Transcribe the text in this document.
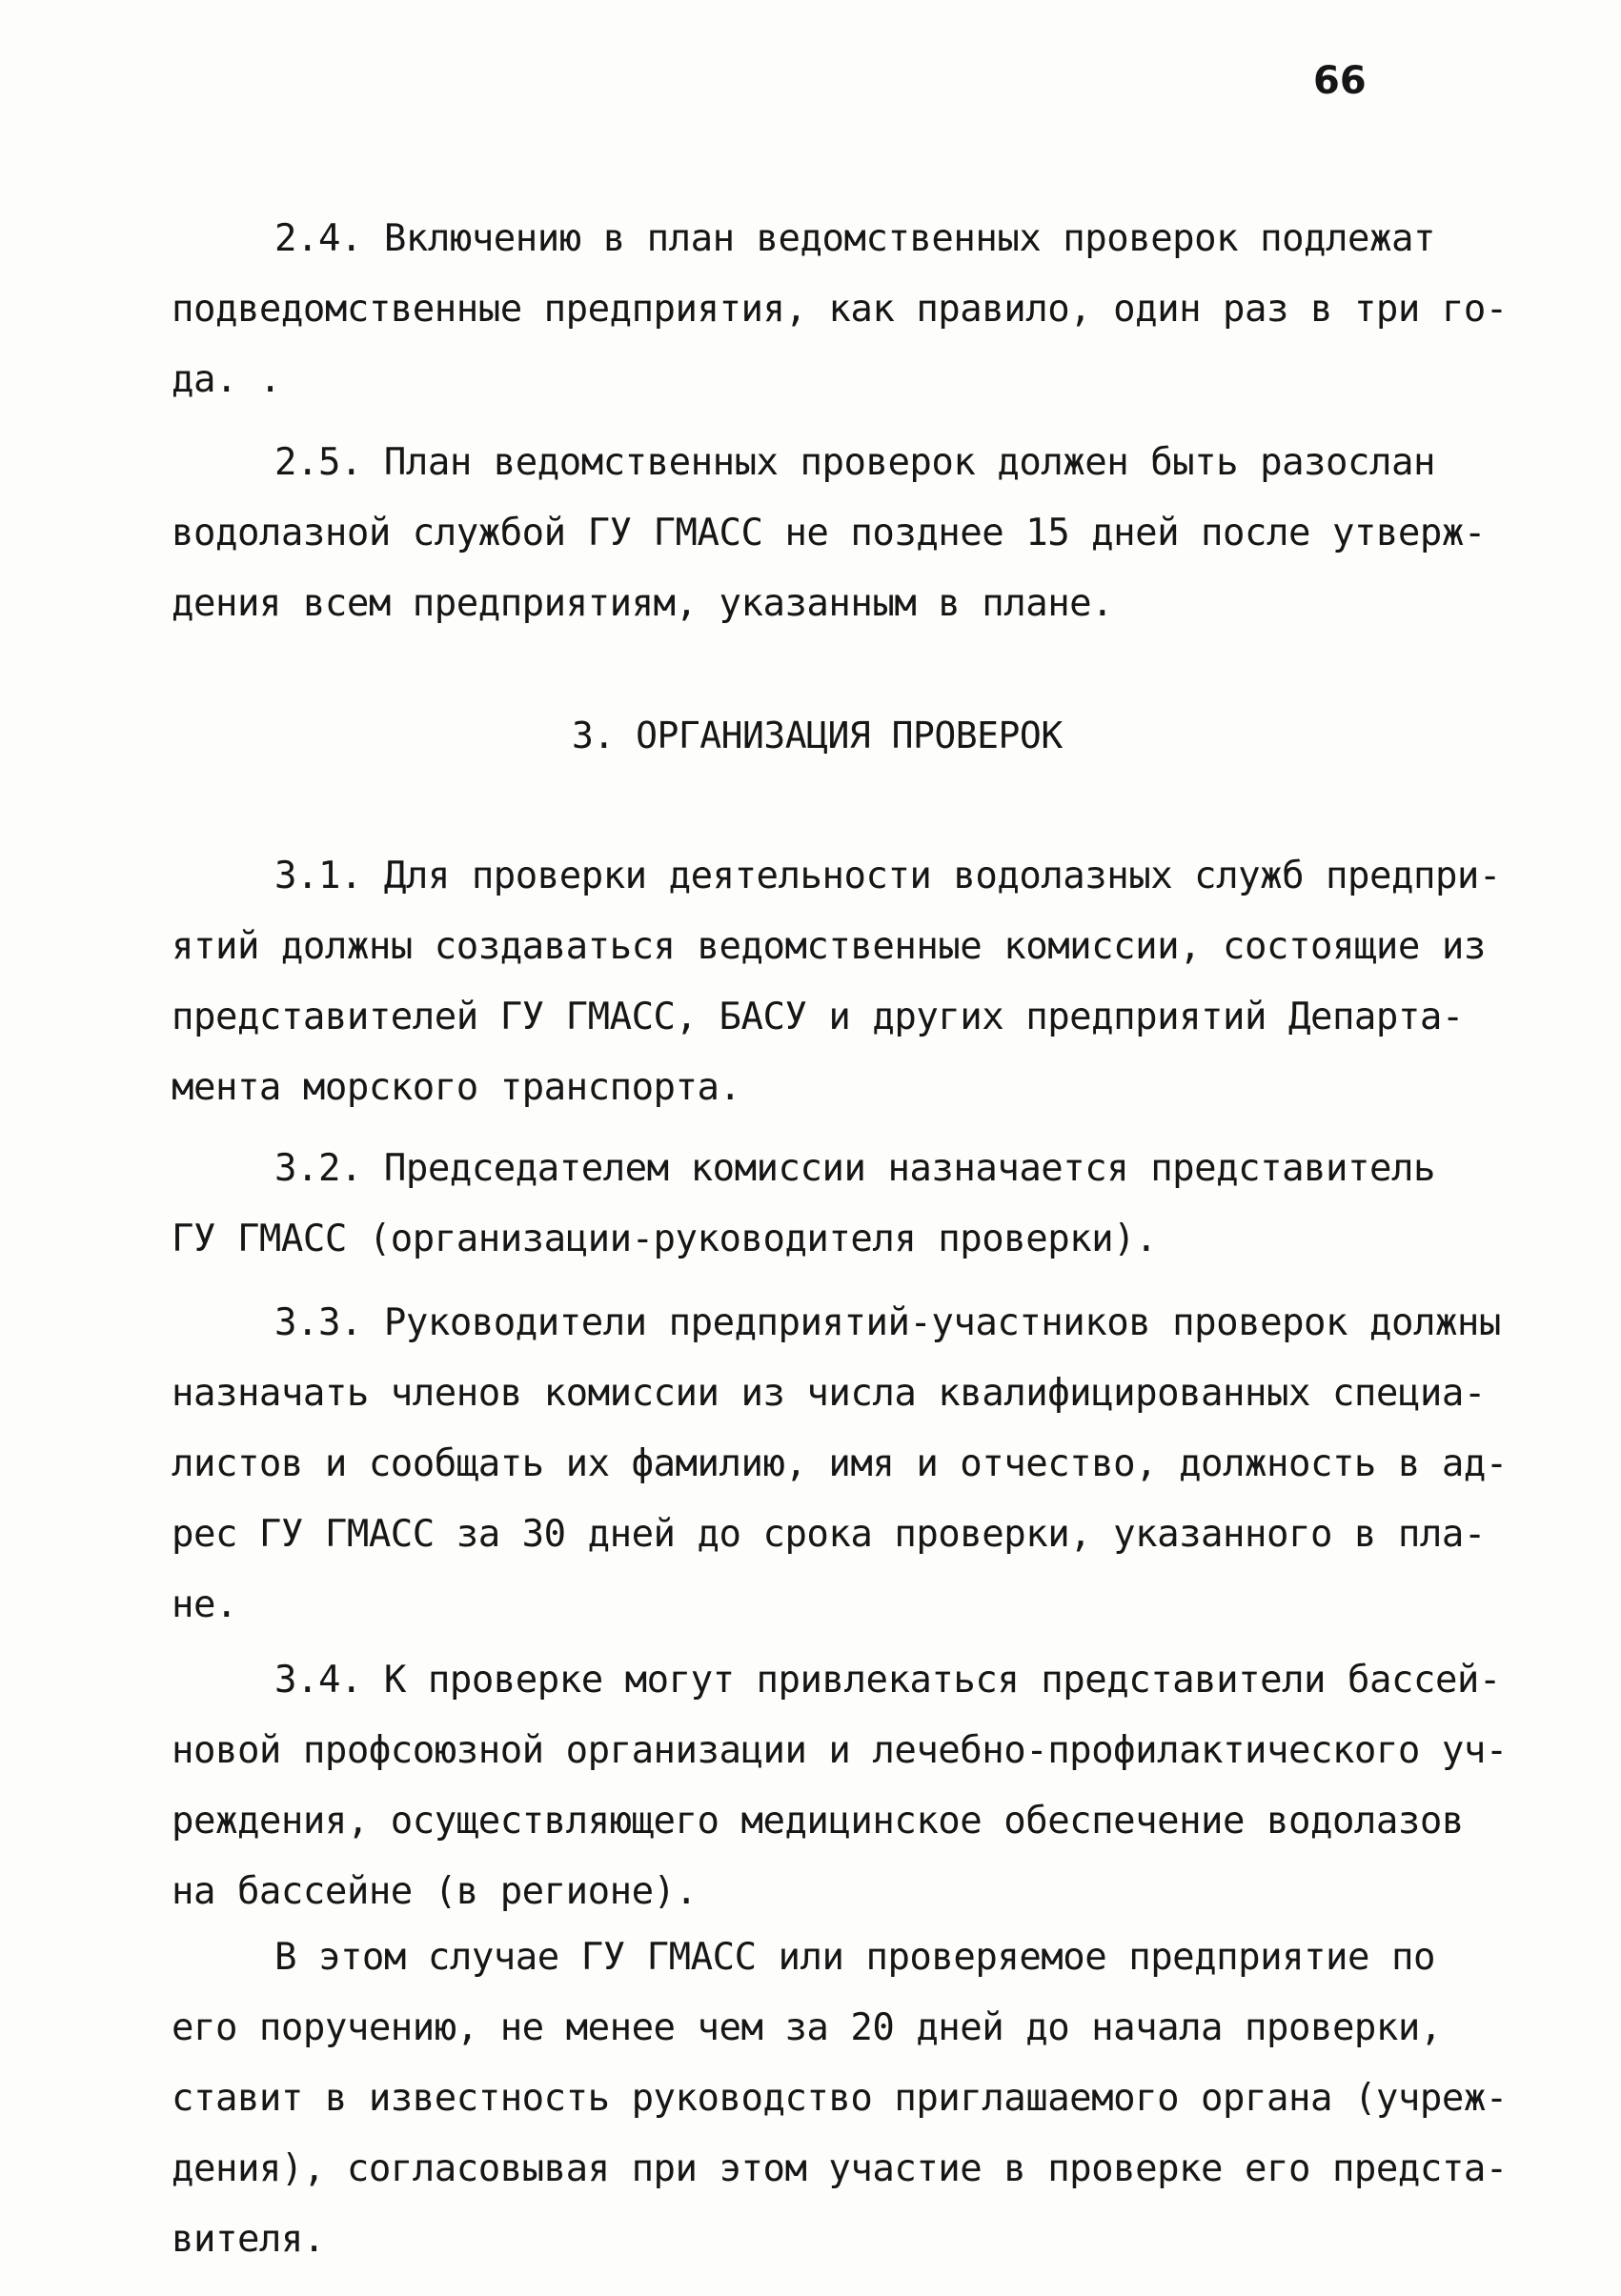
66
2.4. Включению в план ведомственных проверок подлежат
подведомственные предприятия, как правило, один раз в три го-
да. .
2.5. План ведомственных проверок должен быть разослан
водолазной службой ГУ ГМАСС не позднее 15 дней после утверж-
дения всем предприятиям, указанным в плане.
3. ОРГАНИЗАЦИЯ ПРОВЕРОК
3.1. Для проверки деятельности водолазных служб предпри-
ятий должны создаваться ведомственные комиссии, состоящие из
представителей ГУ ГМАСС, БАСУ и других предприятий Департа-
мента морского транспорта.
3.2. Председателем комиссии назначается представитель
ГУ ГМАСС (организации-руководителя проверки).
3.3. Руководители предприятий-участников проверок должны
назначать членов комиссии из числа квалифицированных специа-
листов и сообщать их фамилию, имя и отчество, должность в ад-
рес ГУ ГМАСС за 30 дней до срока проверки, указанного в пла-
не.
3.4. К проверке могут привлекаться представители бассей-
новой профсоюзной организации и лечебно-профилактического уч-
реждения, осуществляющего медицинское обеспечение водолазов
на бассейне (в регионе).
В этом случае ГУ ГМАСС или проверяемое предприятие по
его поручению, не менее чем за 20 дней до начала проверки,
ставит в известность руководство приглашаемого органа (учреж-
дения), согласовывая при этом участие в проверке его предста-
вителя.
